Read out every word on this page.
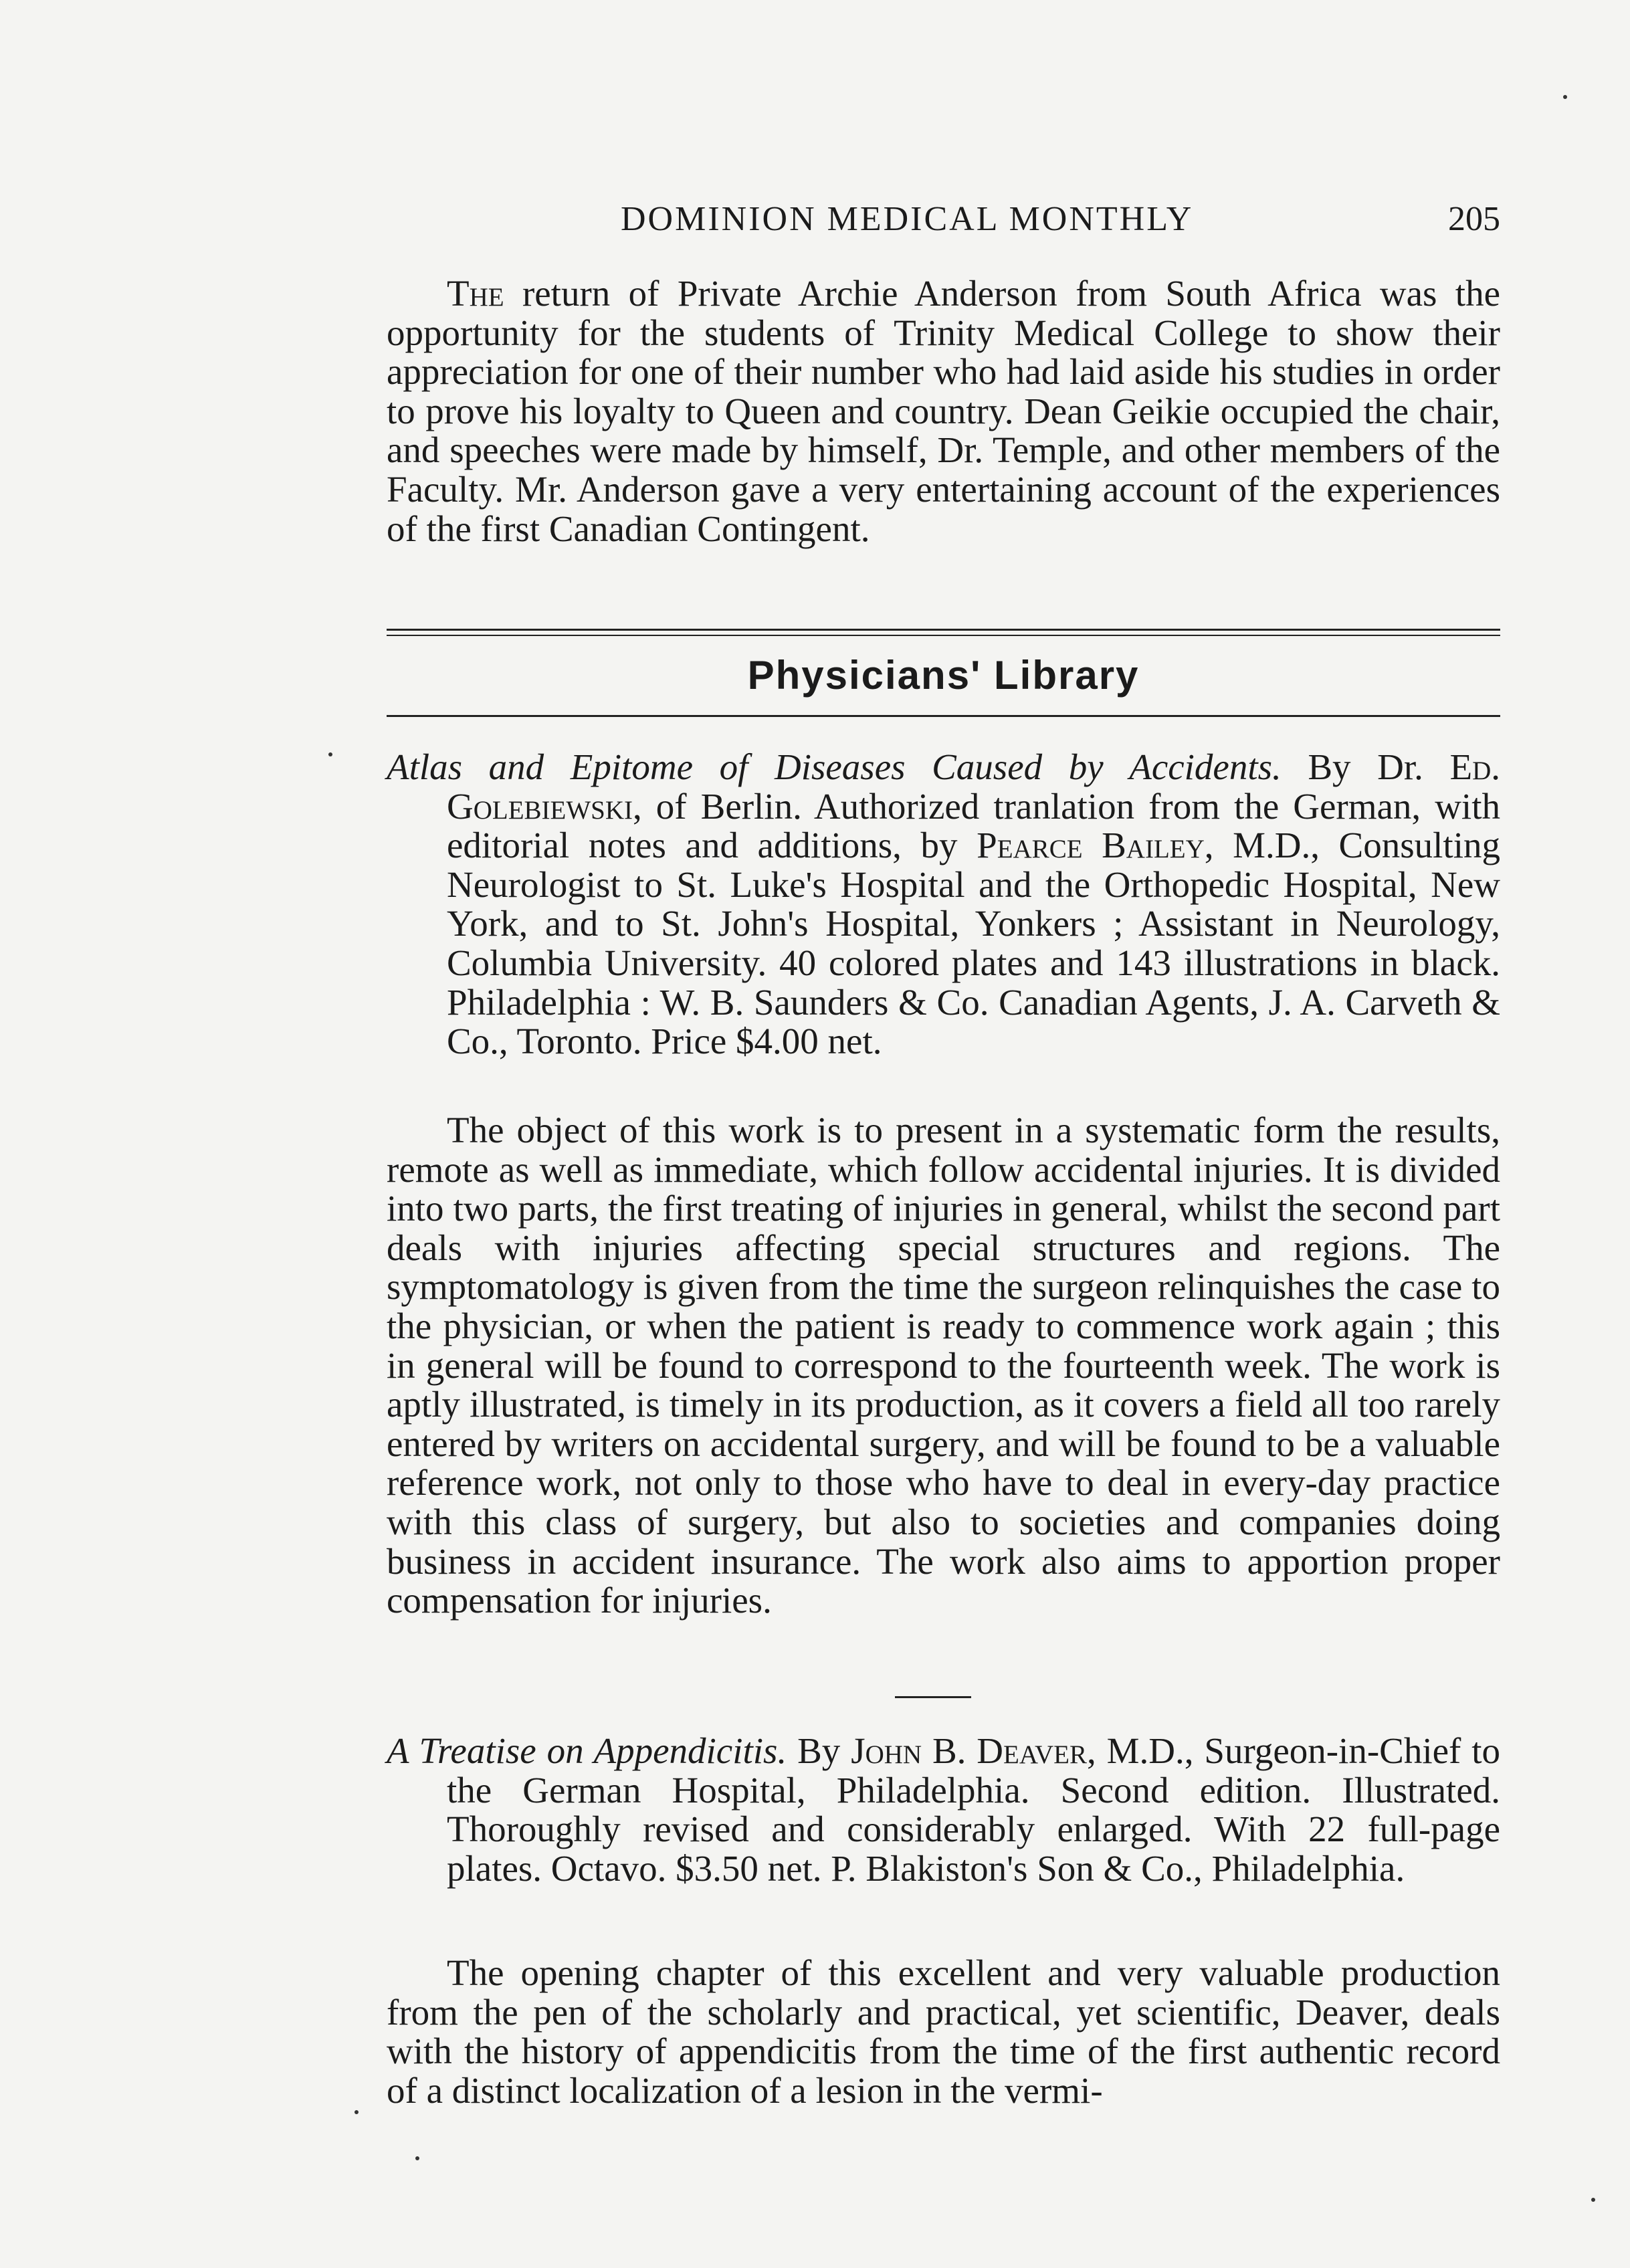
DOMINION MEDICAL MONTHLY	205

The return of Private Archie Anderson from South Africa was the opportunity for the students of Trinity Medical College to show their appreciation for one of their number who had laid aside his studies in order to prove his loyalty to Queen and country. Dean Geikie occupied the chair, and speeches were made by himself, Dr. Temple, and other members of the Faculty. Mr. Anderson gave a very entertaining account of the experiences of the first Canadian Contingent.

Physicians' Library

Atlas and Epitome of Diseases Caused by Accidents. By Dr. Ed. Golebiewski, of Berlin. Authorized tranlation from the German, with editorial notes and additions, by Pearce Bailey, M.D., Consulting Neurologist to St. Luke's Hospital and the Orthopedic Hospital, New York, and to St. John's Hospital, Yonkers ; Assistant in Neurology, Columbia University. 40 colored plates and 143 illustrations in black. Philadelphia : W. B. Saunders & Co. Canadian Agents, J. A. Carveth & Co., Toronto. Price $4.00 net.

The object of this work is to present in a systematic form the results, remote as well as immediate, which follow accidental injuries. It is divided into two parts, the first treating of injuries in general, whilst the second part deals with injuries affecting special structures and regions. The symptomatology is given from the time the surgeon relinquishes the case to the physician, or when the patient is ready to commence work again ; this in general will be found to correspond to the fourteenth week. The work is aptly illustrated, is timely in its production, as it covers a field all too rarely entered by writers on accidental surgery, and will be found to be a valuable reference work, not only to those who have to deal in every-day practice with this class of surgery, but also to societies and companies doing business in accident insurance. The work also aims to apportion proper compensation for injuries.

A Treatise on Appendicitis. By John B. Deaver, M.D., Surgeon-in-Chief to the German Hospital, Philadelphia. Second edition. Illustrated. Thoroughly revised and considerably enlarged. With 22 full-page plates. Octavo. $3.50 net. P. Blakiston's Son & Co., Philadelphia.

The opening chapter of this excellent and very valuable production from the pen of the scholarly and practical, yet scientific, Deaver, deals with the history of appendicitis from the time of the first authentic record of a distinct localization of a lesion in the vermi-
